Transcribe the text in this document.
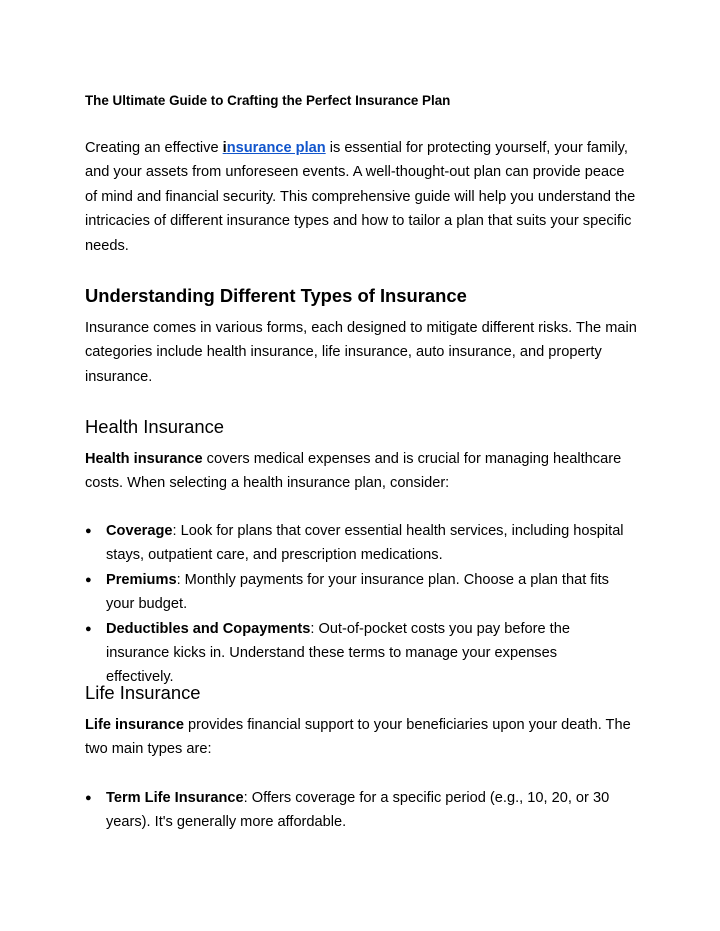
The Ultimate Guide to Crafting the Perfect Insurance Plan

Creating an effective insurance plan is essential for protecting yourself, your family, and your assets from unforeseen events. A well-thought-out plan can provide peace of mind and financial security. This comprehensive guide will help you understand the intricacies of different insurance types and how to tailor a plan that suits your specific needs.

Understanding Different Types of Insurance

Insurance comes in various forms, each designed to mitigate different risks. The main categories include health insurance, life insurance, auto insurance, and property insurance.

Health Insurance

Health insurance covers medical expenses and is crucial for managing healthcare costs. When selecting a health insurance plan, consider:

● Coverage: Look for plans that cover essential health services, including hospital stays, outpatient care, and prescription medications.
● Premiums: Monthly payments for your insurance plan. Choose a plan that fits your budget.
● Deductibles and Copayments: Out-of-pocket costs you pay before the insurance kicks in. Understand these terms to manage your expenses effectively.
Life Insurance

Life insurance provides financial support to your beneficiaries upon your death. The two main types are:

● Term Life Insurance: Offers coverage for a specific period (e.g., 10, 20, or 30 years). It's generally more affordable.
